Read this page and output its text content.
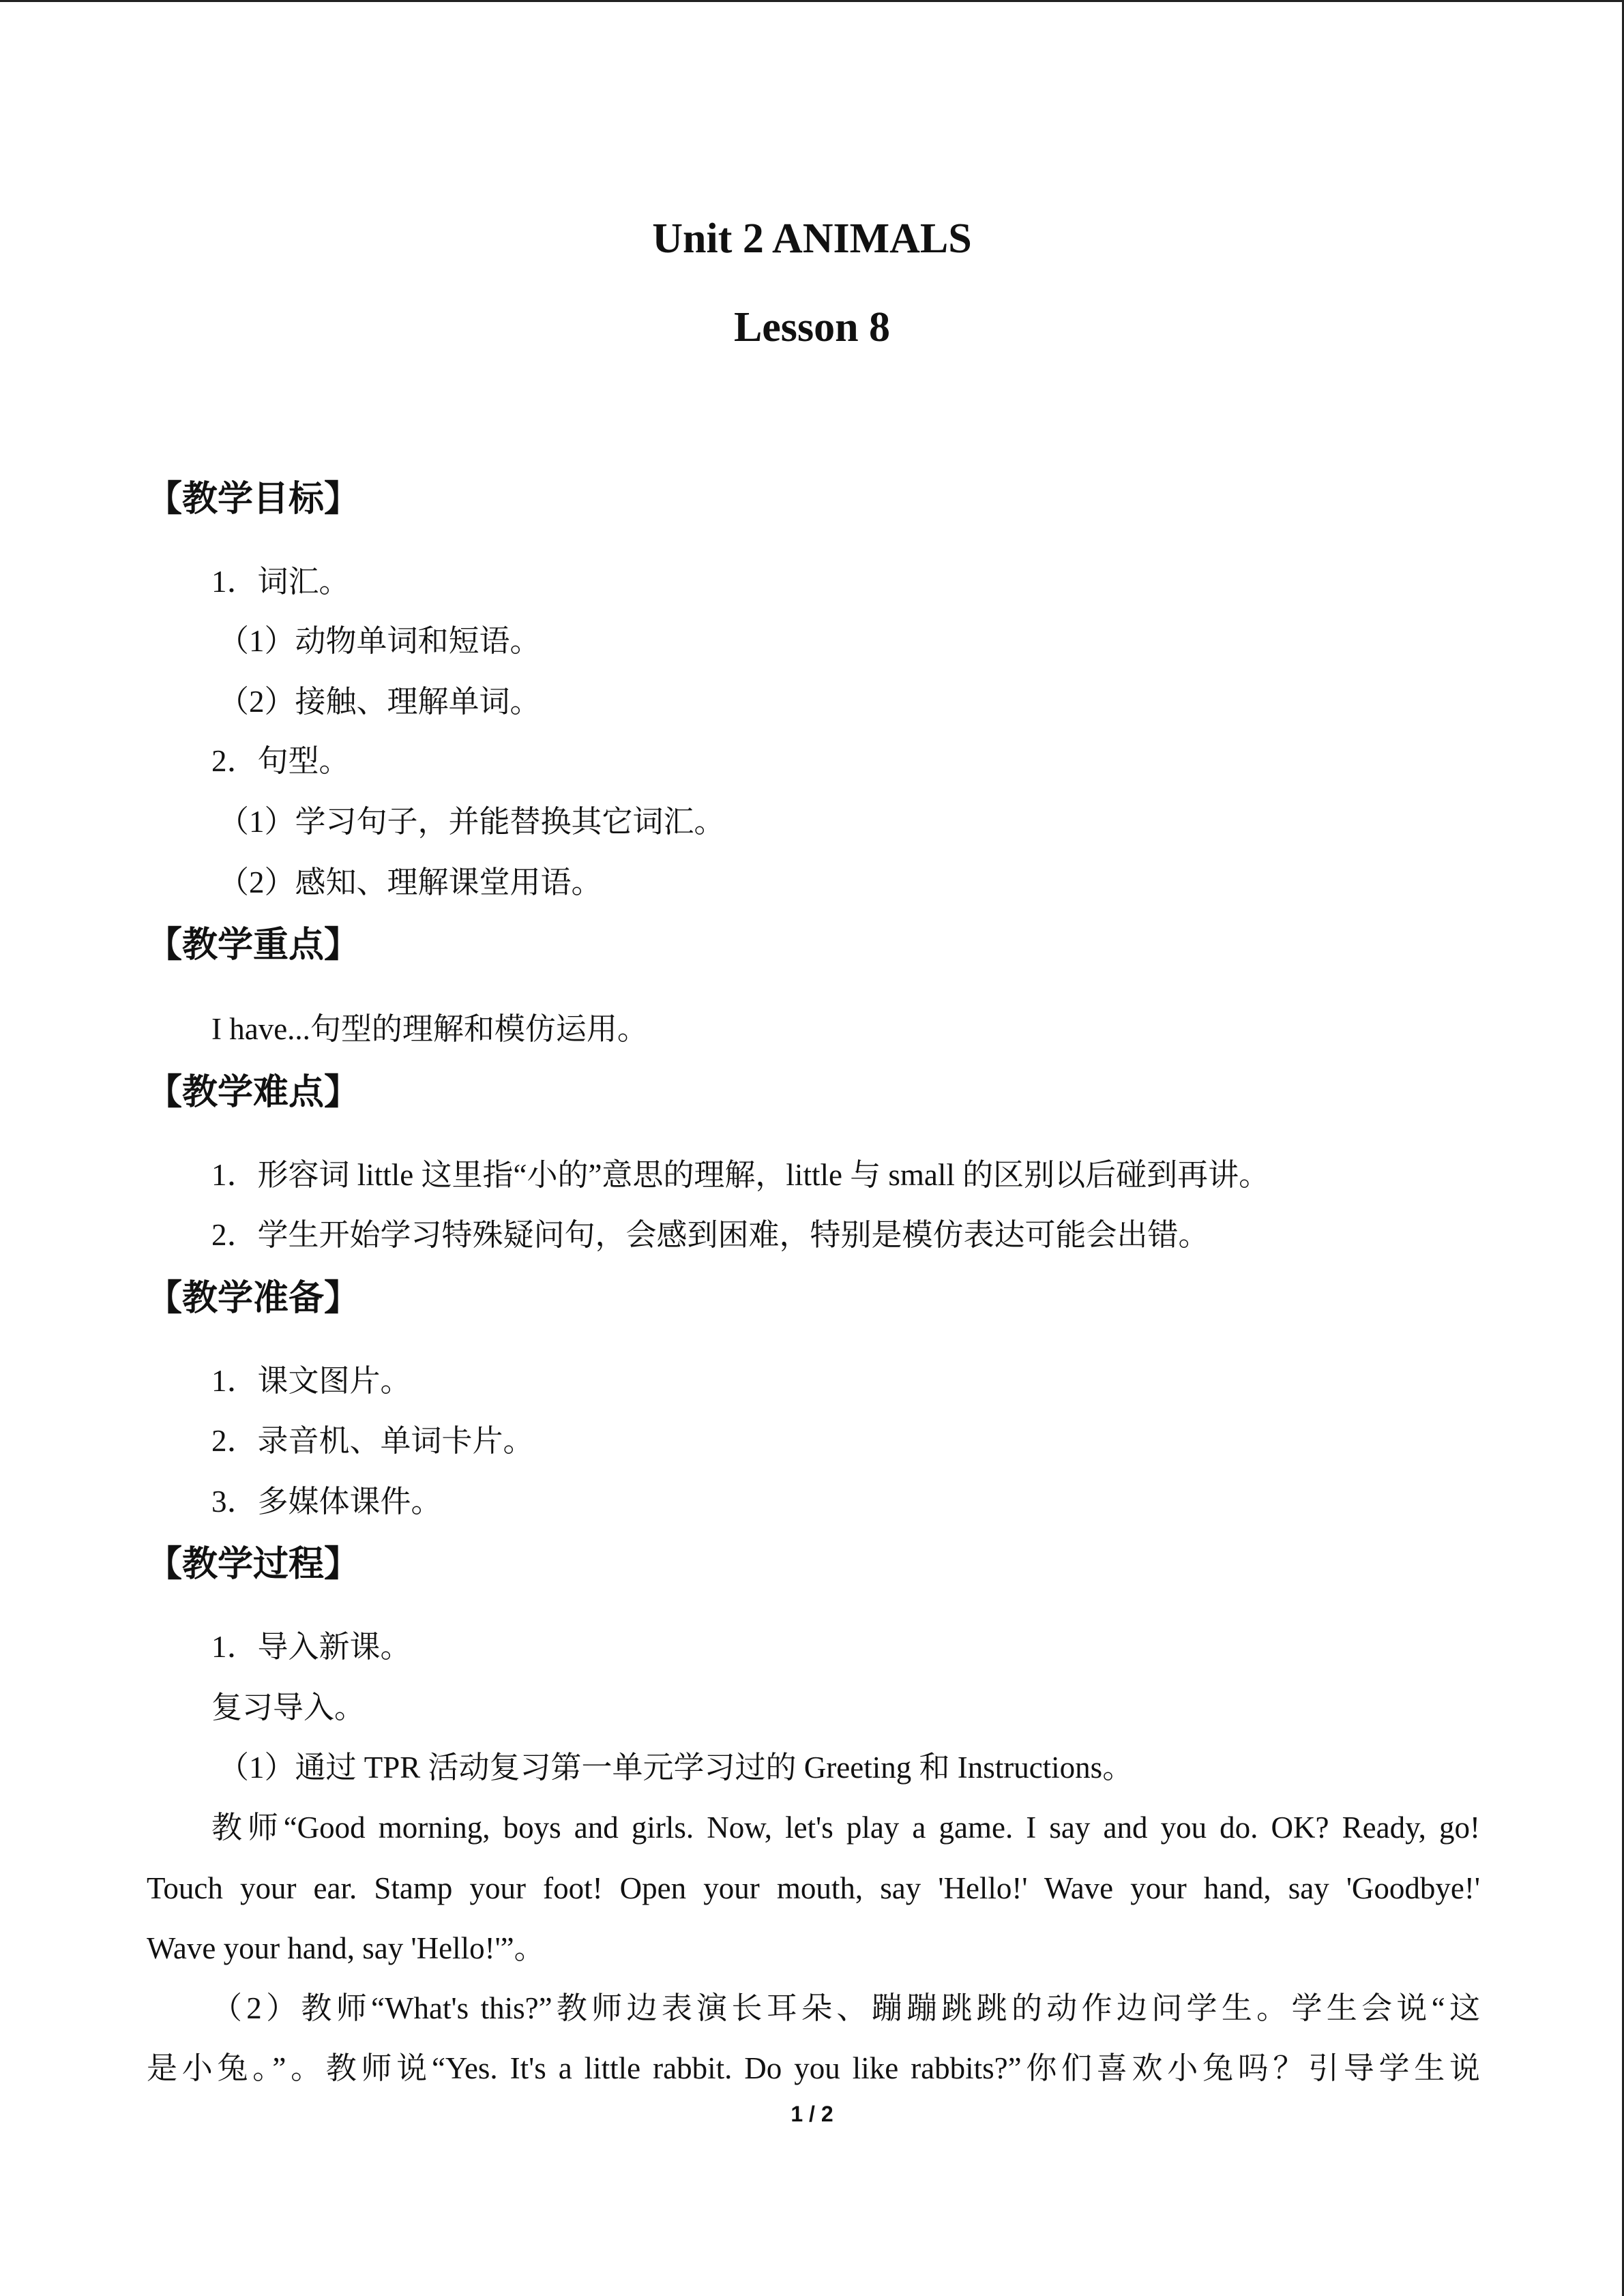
Unit 2 ANIMALS
Lesson 8
【教学目标】
1．词汇。
（1）动物单词和短语。
（2）接触、理解单词。
2．句型。
（1）学习句子，并能替换其它词汇。
（2）感知、理解课堂用语。
【教学重点】
I have...句型的理解和模仿运用。
【教学难点】
1．形容词 little 这里指“小的”意思的理解，little 与 small 的区别以后碰到再讲。
2．学生开始学习特殊疑问句，会感到困难，特别是模仿表达可能会出错。
【教学准备】
1．课文图片。
2．录音机、单词卡片。
3．多媒体课件。
【教学过程】
1．导入新课。
复习导入。
（1）通过 TPR 活动复习第一单元学习过的 Greeting 和 Instructions。
教师“Good morning, boys and girls. Now, let's play a game. I say and you do. OK? Ready, go!
Touch your ear. Stamp your foot! Open your mouth, say 'Hello!' Wave your hand, say 'Goodbye!'
Wave your hand, say 'Hello!'”。
（2）教师“What's this?”教师边表演长耳朵、蹦蹦跳跳的动作边问学生。学生会说“这
是小兔。”。教师说“Yes. It's a little rabbit. Do you like rabbits?”你们喜欢小兔吗？引导学生说
1 / 2
